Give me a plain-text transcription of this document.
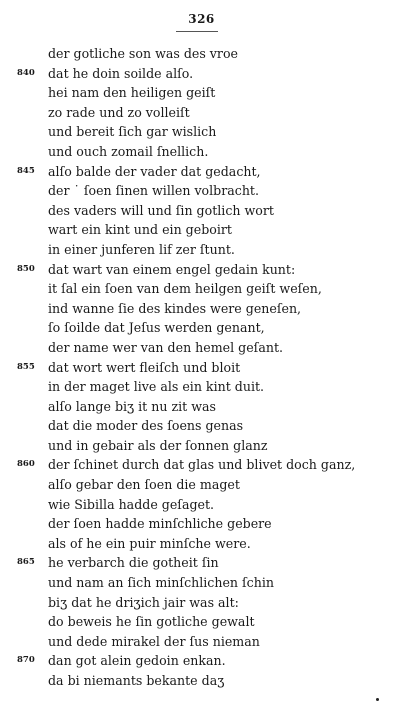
326
der gotliche son was des vroe
840 dat he doin soilde alſo.
hei nam den heiligen geiſt
zo rade und zo volleiſt
und bereit ſich gar wislich
und ouch zomail ſnellich.
845 alſo balde der vader dat gedacht,
der ˙ ſoen ſinen willen volbracht.
des vaders will und ſin gotlich wort
wart ein kint und ein geboirt
in einer junferen lif zer ſtunt.
850 dat wart van einem engel gedain kunt:
it ſal ein ſoen van dem heilgen geiſt weſen,
ind wanne ſie des kindes were geneſen,
ſo ſoilde dat Jeſus werden genant,
der name wer van den hemel geſant.
855 dat wort wert fleiſch und bloit
in der maget live als ein kint duit.
alſo lange biʒ it nu zit was
dat die moder des ſoens genas
und in gebair als der ſonnen glanz
860 der ſchinet durch dat glas und blivet doch ganz,
alſo gebar den ſoen die maget
wie Sibilla hadde geſaget.
der ſoen hadde minſchliche gebere
als of he ein puir minſche were.
865 he verbarch die gotheit ſin
und nam an ſich minſchlichen ſchin
biʒ dat he driʒich jair was alt:
do beweis he ſin gotliche gewalt
und dede mirakel der ſus nieman
870 dan got alein gedoin enkan.
da bi niemants bekante daʒ
